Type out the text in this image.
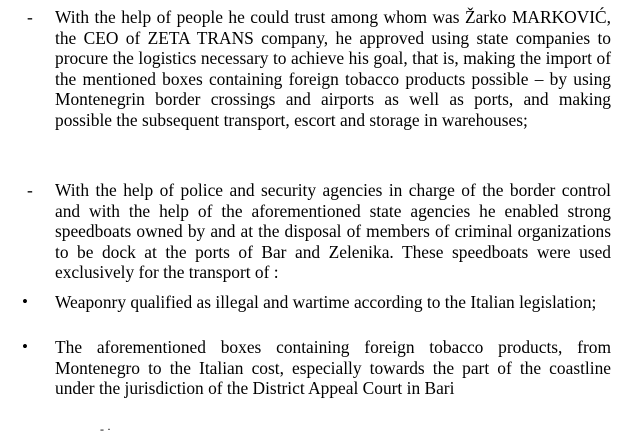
- With the help of people he could trust among whom was Žarko MARKOVIĆ, the CEO of ZETA TRANS company, he approved using state companies to procure the logistics necessary to achieve his goal, that is, making the import of the mentioned boxes containing foreign tobacco products possible – by using Montenegrin border crossings and airports as well as ports, and making possible the subsequent transport, escort and storage in warehouses;

- With the help of police and security agencies in charge of the border control and with the help of the aforementioned state agencies he enabled strong speedboats owned by and at the disposal of members of criminal organizations to be dock at the ports of Bar and Zelenika. These speedboats were used exclusively for the transport of :

• Weaponry qualified as illegal and wartime according to the Italian legislation;

• The aforementioned boxes containing foreign tobacco products, from Montenegro to the Italian cost, especially towards the part of the coastline under the jurisdiction of the District Appeal Court in Bari

- ·
